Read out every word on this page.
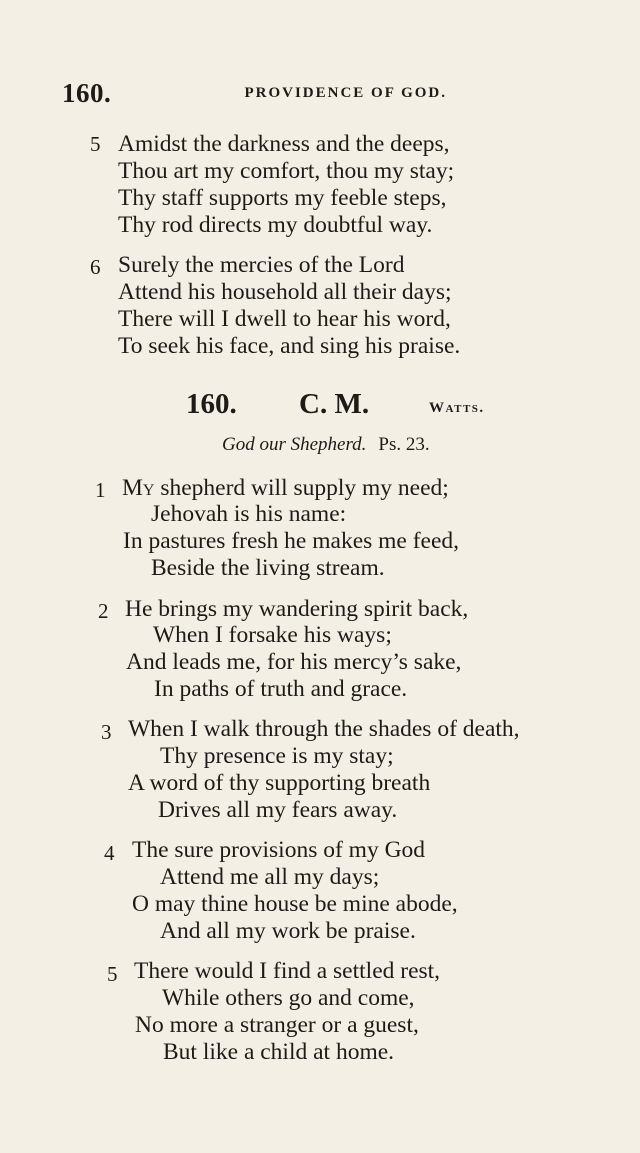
160.	PROVIDENCE OF GOD.
5 Amidst the darkness and the deeps,
Thou art my comfort, thou my stay;
Thy staff supports my feeble steps,
Thy rod directs my doubtful way.
6 Surely the mercies of the Lord
Attend his household all their days;
There will I dwell to hear his word,
To seek his face, and sing his praise.
160. C. M.	Watts.
God our Shepherd. Ps. 23.
1 My shepherd will supply my need;
Jehovah is his name:
In pastures fresh he makes me feed,
Beside the living stream.
2 He brings my wandering spirit back,
When I forsake his ways;
And leads me, for his mercy’s sake,
In paths of truth and grace.
3 When I walk through the shades of death,
Thy presence is my stay;
A word of thy supporting breath
Drives all my fears away.
4 The sure provisions of my God
Attend me all my days;
O may thine house be mine abode,
And all my work be praise.
5 There would I find a settled rest,
While others go and come,
No more a stranger or a guest,
But like a child at home.
